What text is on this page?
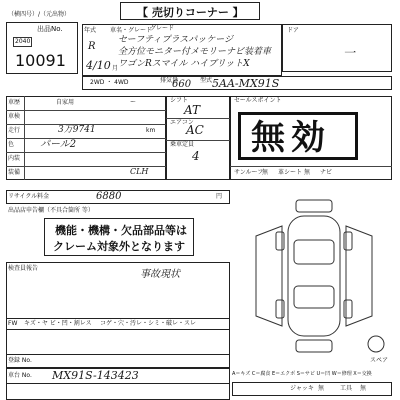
【 売切りコーナー 】
（横四号）/（元出物）
出品No.
2040
10091
年式 車名・グレード
グレード
R
4/10 月
セーフティプラスパッケージ
全方位モニター付メモリーナビ装着車
ワゴンRスマイル ハイブリットX
ドア
一
2WD ・ 4WD	排気量
660 型式 5AA-MX91S
車歴	自家用	ー
車検
走行	3万9741	km
色	パール2
内装
装備	CLH
シフト
AT
エアコン
AC
乗車定員
4
セールスポイント
無効
サンルーフ
無 革シート 無 ナビ
リサイクル料金	6880	円
出品店申告欄 （不具合箇所 等）
機能・機構・欠品部品等は
クレーム対象外となります
検査員報告
事故現状
スペア
FW キズ・ヤ ビ・凹・割レス コゲ・穴・汚レ・シミ・破レ・スレ
登録 No.
車台 No. MX91S-143423	A＝キズ C＝腐食 E＝エクボ S＝サビ U＝凹 W＝修理 X＝交換
ジャッキ 無	工具 無
